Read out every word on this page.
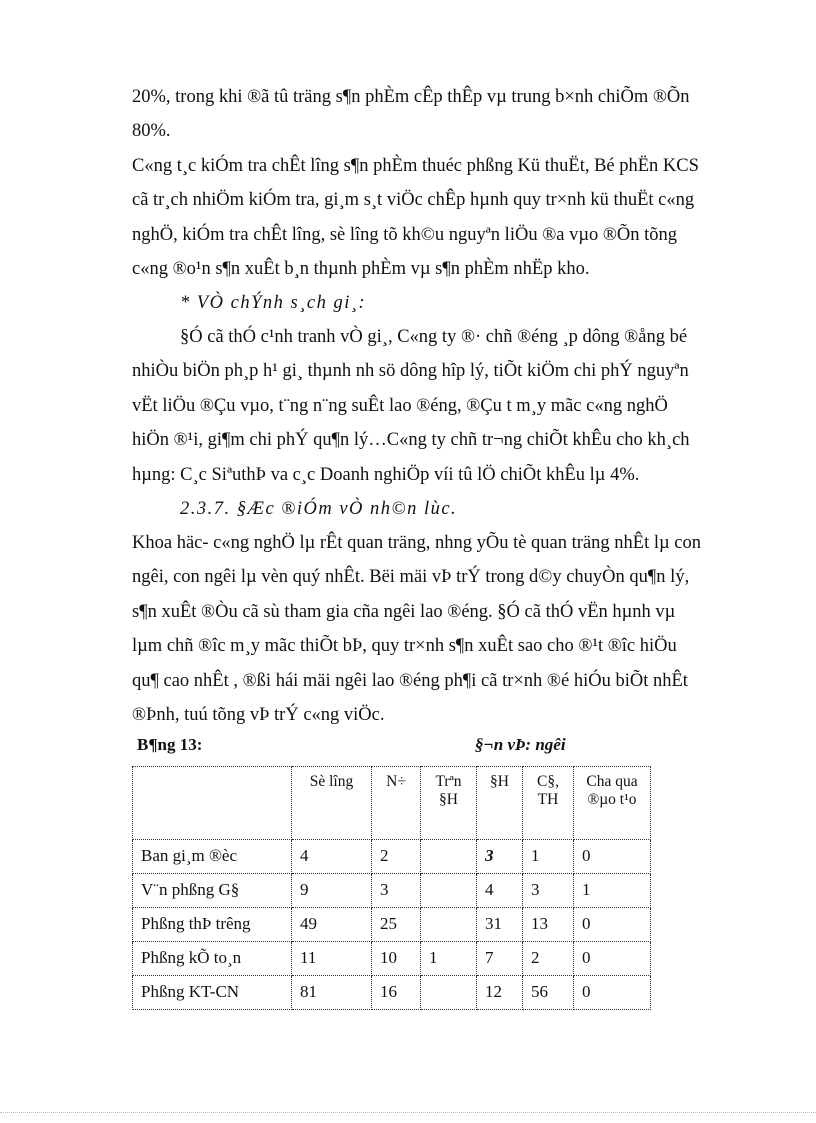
20%, trong khi ®ã tû träng s¶n phÈm cÊp thÊp vµ trung b×nh chiÕm ®Õn
80%.
C«ng t¸c kiÓm tra chÊt lîng s¶n phÈm thuéc phßng Kü thuËt, Bé phËn KCS
cã tr¸ch nhiÖm kiÓm tra, gi¸m s¸t viÖc chÊp hµnh quy tr×nh kü thuËt c«ng
nghÖ, kiÓm tra chÊt lîng, sè lîng tõ kh©u nguyªn liÖu ®a vµo ®Õn tõng
c«ng ®o¹n s¶n xuÊt b¸n thµnh phÈm vµ s¶n phÈm nhËp kho.
* VÒ chÝnh s¸ch gi¸:
§Ó cã thÓ c¹nh tranh vÒ gi¸, C«ng ty ®· chñ ®éng ¸p dông ®ång bé
nhiÒu biÖn ph¸p h¹ gi¸ thµnh nh sö dông hîp lý, tiÕt kiÖm chi phÝ nguyªn
vËt liÖu ®Çu vµo, t¨ng n¨ng suÊt lao ®éng, ®Çu t m¸y mãc c«ng nghÖ
hiÖn ®¹i, gi¶m chi phÝ qu¶n lý…C«ng ty chñ tr¬ng chiÕt khÊu cho kh¸ch
hµng: C¸c SiªuthÞ va c¸c Doanh nghiÖp víi tû lÖ chiÕt khÊu lµ 4%.
2.3.7. §Æc ®iÓm vÒ nh©n lùc.
Khoa häc- c«ng nghÖ lµ rÊt quan träng, nhng yÕu tè quan träng nhÊt lµ con
ngêi, con ngêi lµ vèn quý nhÊt. Bëi mäi vÞ trÝ trong d©y chuyÒn qu¶n lý,
s¶n xuÊt ®Òu cã sù tham gia cña ngêi lao ®éng. §Ó cã thÓ vËn hµnh vµ
lµm chñ ®îc m¸y mãc thiÕt bÞ, quy tr×nh s¶n xuÊt sao cho ®¹t ®îc hiÖu
qu¶ cao nhÊt , ®ßi hái mäi ngêi lao ®éng ph¶i cã tr×nh ®é hiÓu biÕt nhÊt
®Þnh, tuú tõng vÞ trÝ c«ng viÖc.
B¶ng 13:	§¬n vÞ: ngêi
	Sè lîng	N÷	Trªn §H	§H	C§, TH	Cha qua ®µo t¹o
Ban gi¸m ®èc	4	2		3	1	0
V¨n phßng G§	9	3		4	3	1
Phßng thÞ trêng	49	25		31	13	0
Phßng kÕ to¸n	11	10	1	7	2	0
Phßng KT-CN	81	16		12	56	0
